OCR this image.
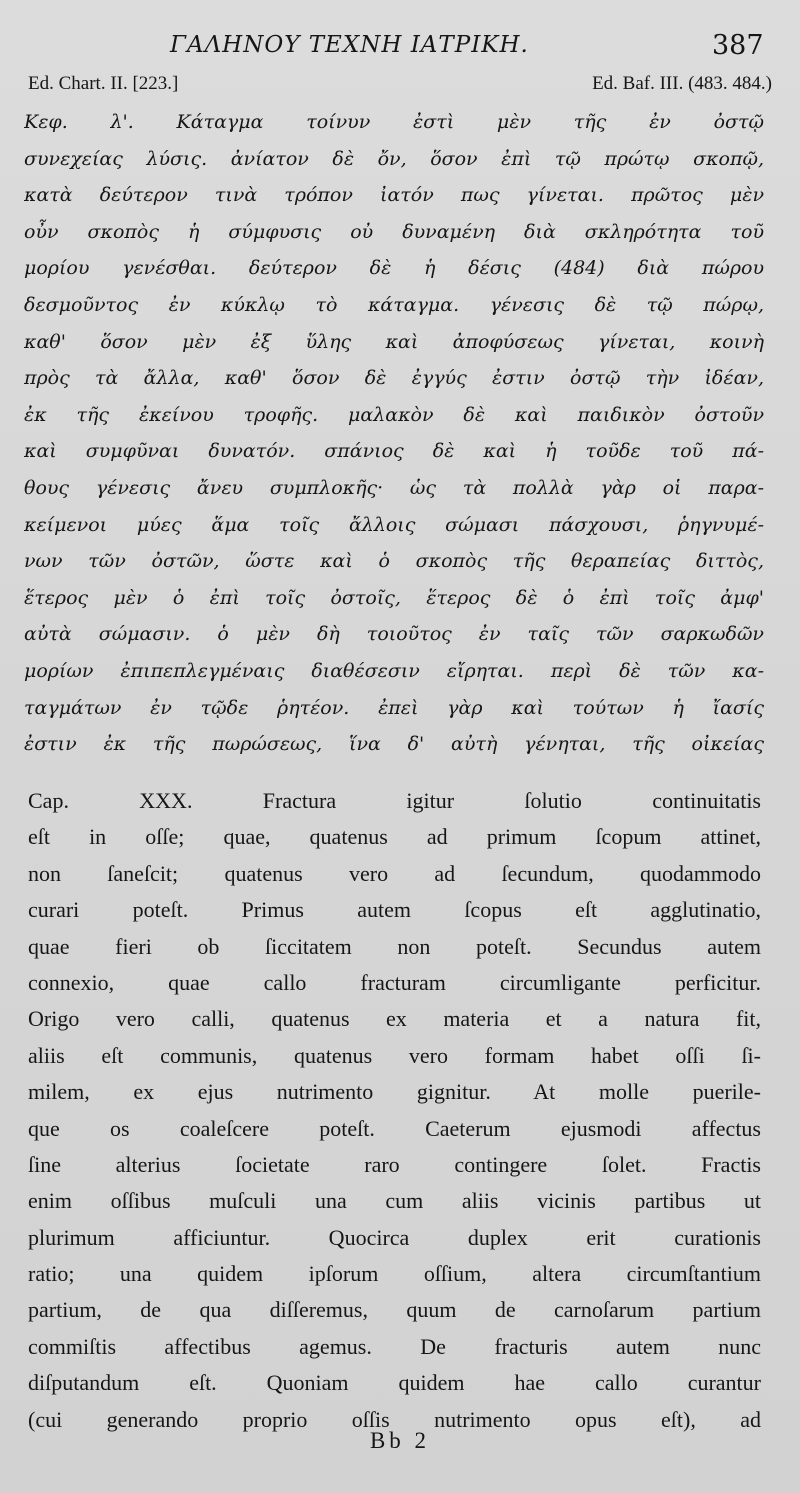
ΓΑΛΗΝΟΥ ΤΕΧΝΗ ΙΑΤΡΙΚΗ.	387
Ed. Chart. II. [223.]	Ed. Baf. III. (483. 484.)
Κεφ. λ'. Κάταγμα τοίνυν ἐστὶ μὲν τῆς ἐν ὀστῷ
συνεχείας λύσις. ἀνίατον δὲ ὄν, ὅσον ἐπὶ τῷ πρώτῳ σκοπῷ,
κατὰ δεύτερον τινὰ τρόπον ἰατόν πως γίνεται. πρῶτος μὲν
οὖν σκοπὸς ἡ σύμφυσις οὐ δυναμένη διὰ σκληρότητα τοῦ
μορίου γενέσθαι. δεύτερον δὲ ἡ δέσις (484) διὰ πώρου
δεσμοῦντος ἐν κύκλῳ τὸ κάταγμα. γένεσις δὲ τῷ πώρῳ,
καθ' ὅσον μὲν ἐξ ὕλης καὶ ἀποφύσεως γίνεται, κοινὴ
πρὸς τὰ ἄλλα, καθ' ὅσον δὲ ἐγγύς ἐστιν ὀστῷ τὴν ἰδέαν,
ἐκ τῆς ἐκείνου τροφῆς. μαλακὸν δὲ καὶ παιδικὸν ὀστοῦν
καὶ συμφῦναι δυνατόν. σπάνιος δὲ καὶ ἡ τοῦδε τοῦ πά-
θους γένεσις ἄνευ συμπλοκῆς· ὡς τὰ πολλὰ γὰρ οἱ παρα-
κείμενοι μύες ἅμα τοῖς ἄλλοις σώμασι πάσχουσι, ῥηγνυμέ-
νων τῶν ὀστῶν, ὥστε καὶ ὁ σκοπὸς τῆς θεραπείας διττὸς,
ἕτερος μὲν ὁ ἐπὶ τοῖς ὀστοῖς, ἕτερος δὲ ὁ ἐπὶ τοῖς ἀμφ'
αὐτὰ σώμασιν. ὁ μὲν δὴ τοιοῦτος ἐν ταῖς τῶν σαρκωδῶν
μορίων ἐπιπεπλεγμέναις διαθέσεσιν εἴρηται. περὶ δὲ τῶν κα-
ταγμάτων ἐν τῷδε ῥητέον. ἐπεὶ γὰρ καὶ τούτων ἡ ἴασίς
ἐστιν ἐκ τῆς πωρώσεως, ἵνα δ' αὐτὴ γένηται, τῆς οἰκείας
Cap. XXX. Fractura igitur ſolutio continuitatis
eſt in oſſe; quae, quatenus ad primum ſcopum attinet,
non ſaneſcit; quatenus vero ad ſecundum, quodammodo
curari poteſt. Primus autem ſcopus eſt agglutinatio,
quae fieri ob ſiccitatem non poteſt. Secundus autem
connexio, quae callo fracturam circumligante perficitur.
Origo vero calli, quatenus ex materia et a natura fit,
aliis eſt communis, quatenus vero formam habet oſſi ſi-
milem, ex ejus nutrimento gignitur. At molle puerile-
que os coaleſcere poteſt. Caeterum ejusmodi affectus
ſine alterius ſocietate raro contingere ſolet. Fractis
enim oſſibus muſculi una cum aliis vicinis partibus ut
plurimum afficiuntur. Quocirca duplex erit curationis
ratio; una quidem ipſorum oſſium, altera circumſtantium
partium, de qua diſſeremus, quum de carnoſarum partium
commiſtis affectibus agemus. De fracturis autem nunc
diſputandum eſt. Quoniam quidem hae callo curantur
(cui generando proprio oſſis nutrimento opus eſt), ad
Bb 2
